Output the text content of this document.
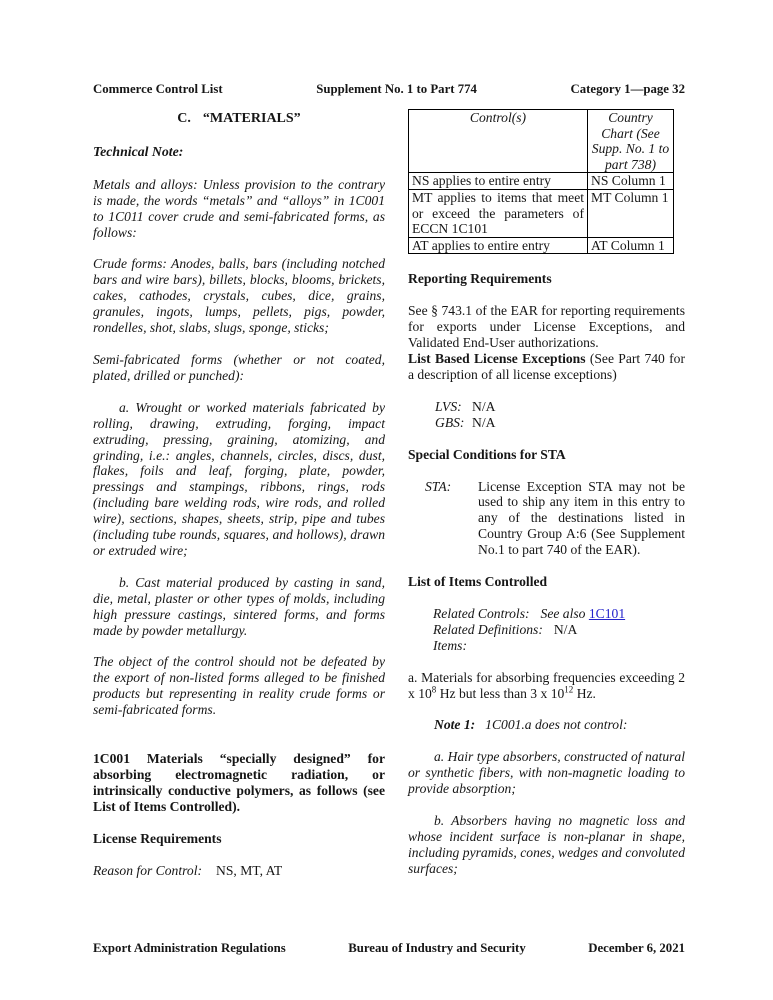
Commerce Control List	Supplement No. 1 to Part 774	Category 1—page 32
C. “MATERIALS”
Technical Note:

Metals and alloys: Unless provision to the contrary is made, the words “metals” and “alloys” in 1C001 to 1C011 cover crude and semi-fabricated forms, as follows:

Crude forms: Anodes, balls, bars (including notched bars and wire bars), billets, blocks, blooms, brickets, cakes, cathodes, crystals, cubes, dice, grains, granules, ingots, lumps, pellets, pigs, powder, rondelles, shot, slabs, slugs, sponge, sticks;

Semi-fabricated forms (whether or not coated, plated, drilled or punched):

a. Wrought or worked materials fabricated by rolling, drawing, extruding, forging, impact extruding, pressing, graining, atomizing, and grinding, i.e.: angles, channels, circles, discs, dust, flakes, foils and leaf, forging, plate, powder, pressings and stampings, ribbons, rings, rods (including bare welding rods, wire rods, and rolled wire), sections, shapes, sheets, strip, pipe and tubes (including tube rounds, squares, and hollows), drawn or extruded wire;

b. Cast material produced by casting in sand, die, metal, plaster or other types of molds, including high pressure castings, sintered forms, and forms made by powder metallurgy.

The object of the control should not be defeated by the export of non-listed forms alleged to be finished products but representing in reality crude forms or semi-fabricated forms.

1C001 Materials “specially designed” for absorbing electromagnetic radiation, or intrinsically conductive polymers, as follows (see List of Items Controlled).

License Requirements
Reason for Control: NS, MT, AT
Control(s)	Country Chart (See Supp. No. 1 to part 738)
NS applies to entire entry	NS Column 1
MT applies to items that meet or exceed the parameters of ECCN 1C101	MT Column 1
AT applies to entire entry	AT Column 1
Reporting Requirements

See § 743.1 of the EAR for reporting requirements for exports under License Exceptions, and Validated End-User authorizations.

List Based License Exceptions (See Part 740 for a description of all license exceptions)

LVS: N/A
GBS: N/A
Special Conditions for STA
STA:	License Exception STA may not be used to ship any item in this entry to any of the destinations listed in Country Group A:6 (See Supplement No.1 to part 740 of the EAR).
List of Items Controlled
Related Controls: See also 1C101
Related Definitions: N/A
Items:

a. Materials for absorbing frequencies exceeding 2 x $10^8$ Hz but less than 3 x $10^{12}$ Hz.

Note 1: 1C001.a does not control:

a. Hair type absorbers, constructed of natural or synthetic fibers, with non-magnetic loading to provide absorption;

b. Absorbers having no magnetic loss and whose incident surface is non-planar in shape, including pyramids, cones, wedges and convoluted surfaces;

Export Administration Regulations	Bureau of Industry and Security	December 6, 2021
